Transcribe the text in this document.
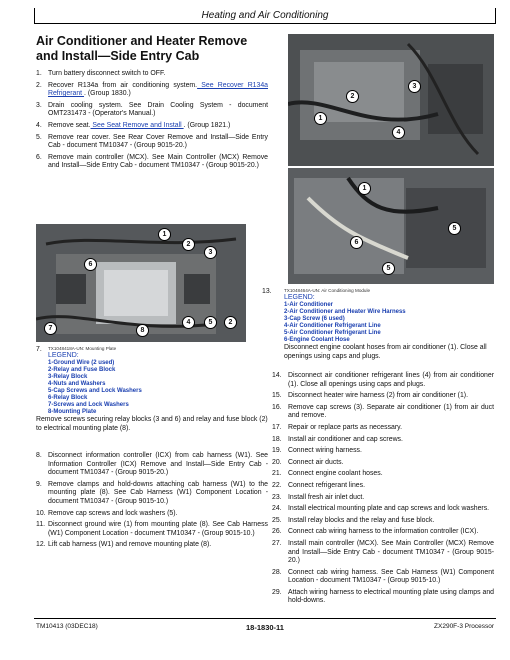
Heating and Air Conditioning
Air Conditioner and Heater Remove and Install—Side Entry Cab
1. Turn battery disconnect switch to OFF.
2. Recover R134a from air conditioning system. See Recover R134a Refrigerant . (Group 1830.)
3. Drain cooling system. See Drain Cooling System - document OMT231473 - (Operator's Manual.)
4. Remove seat. See Seat Remove and Install . (Group 1821.)
5. Remove rear cover. See Rear Cover Remove and Install—Side Entry Cab - document TM10347 - (Group 9015-20.)
6. Remove main controller (MCX). See Main Controller (MCX) Remove and Install—Side Entry Cab - document TM10347 - (Group 9015-20.)
1
2
3
4	5
6
7	8
2
7.	TX1048418A-UN: Mounting Plate
LEGEND:
1-Ground Wire (2 used)
2-Relay and Fuse Block
3-Relay Block
4-Nuts and Washers
5-Cap Screws and Lock Washers
6-Relay Block
7-Screws and Lock Washers
8-Mounting Plate
Remove screws securing relay blocks (3 and 6) and relay and fuse block (2) to electrical mounting plate (8).
8. Disconnect information controller (ICX) from cab harness (W1). See Information Controller (ICX) Remove and Install—Side Entry Cab - document TM10347 - (Group 9015-20.)
9. Remove clamps and hold-downs attaching cab harness (W1) to the mounting plate (8). See Cab Harness (W1) Component Location - document TM10347 - (Group 9015-10.)
10. Remove cap screws and lock washers (5).
11. Disconnect ground wire (1) from mounting plate (8). See Cab Harness (W1) Component Location - document TM10347 - (Group 9015-10.)
12. Lift cab harness (W1) and remove mounting plate (8).
2
3
1
4
1
6
5
5
13.	TX1048464A-UN: Air Conditioning Module
LEGEND:
1-Air Conditioner
2-Air Conditioner and Heater Wire Harness
3-Cap Screw (6 used)
4-Air Conditioner Refrigerant Line
5-Air Conditioner Refrigerant Line
6-Engine Coolant Hose
Disconnect engine coolant hoses from air conditioner (1). Close all openings using caps and plugs.
14. Disconnect air conditioner refrigerant lines (4) from air conditioner (1). Close all openings using caps and plugs.
15. Disconnect heater wire harness (2) from air conditioner (1).
16. Remove cap screws (3). Separate air conditioner (1) from air duct and remove.
17. Repair or replace parts as necessary.
18. Install air conditioner and cap screws.
19. Connect wiring harness.
20. Connect air ducts.
21. Connect engine coolant hoses.
22. Connect refrigerant lines.
23. Install fresh air inlet duct.
24. Install electrical mounting plate and cap screws and lock washers.
25. Install relay blocks and the relay and fuse block.
26. Connect cab wiring harness to the information controller (ICX).
27. Install main controller (MCX). See Main Controller (MCX) Remove and Install—Side Entry Cab - document TM10347 - (Group 9015-20.)
28. Connect cab wiring harness. See Cab Harness (W1) Component Location - document TM10347 - (Group 9015-10.)
29. Attach wiring harness to electrical mounting plate using clamps and hold-downs.
TM10413 (03DEC18)	18-1830-11	ZX290F-3 Processor
